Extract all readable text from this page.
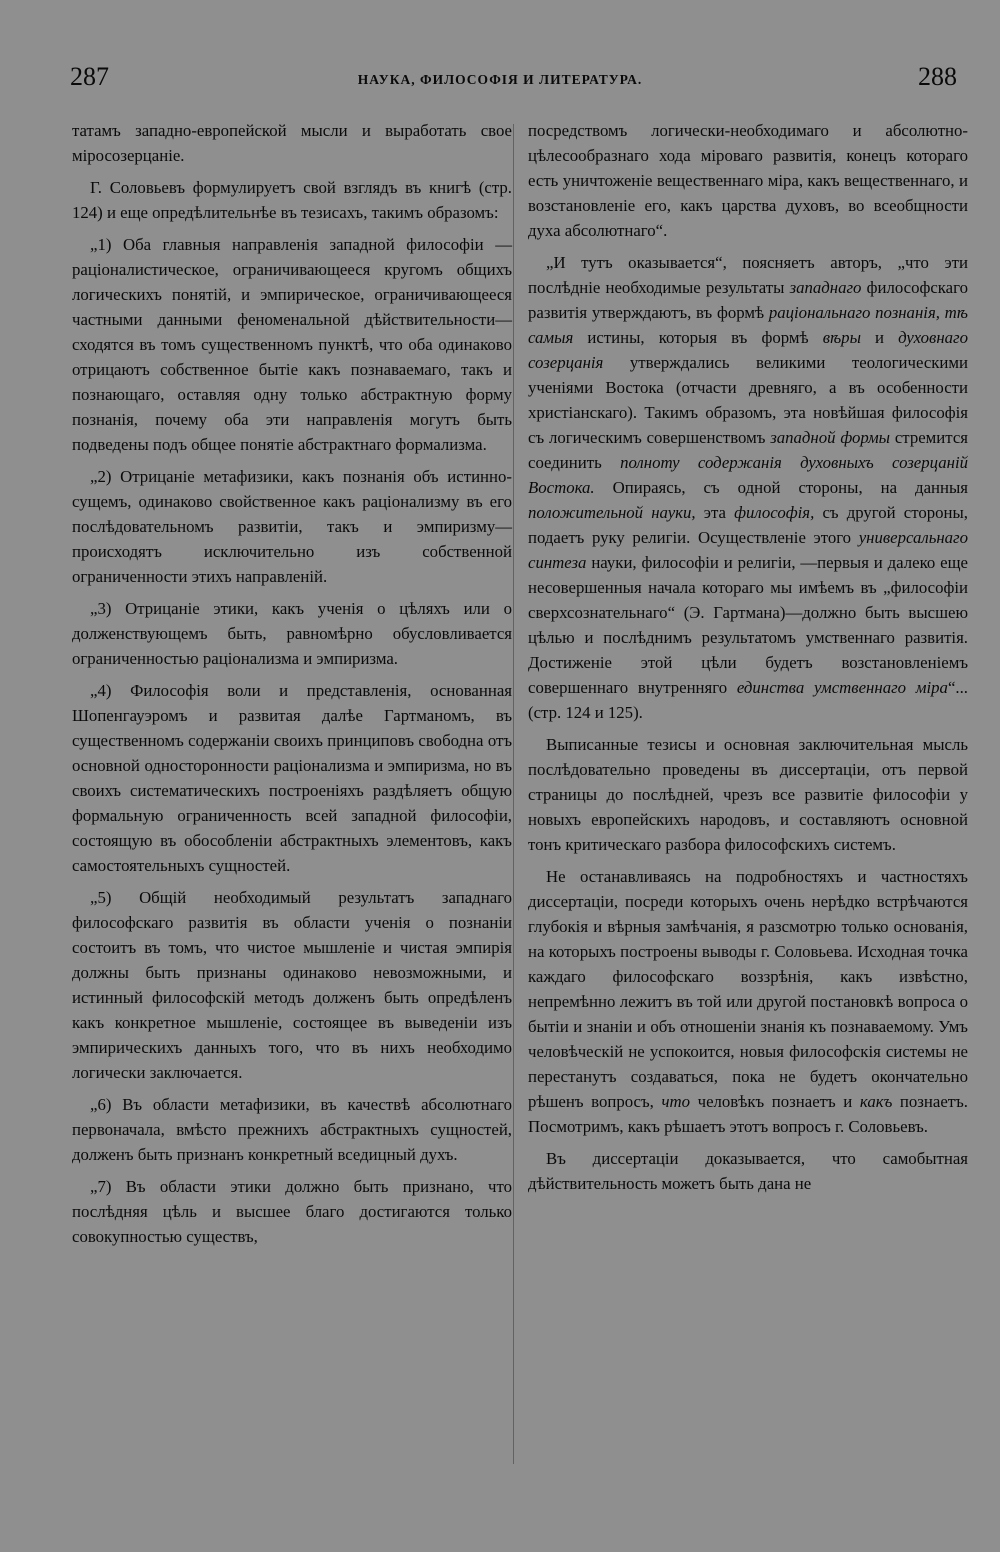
287	НАУКА, ФИЛОСОФІЯ И ЛИТЕРАТУРА.	288

татамъ западно-европейской мысли и выработать свое міросозерцаніе.

Г. Соловьевъ формулируетъ свой взглядъ въ книгѣ (стр. 124) и еще опредѣлительнѣе въ тезисахъ, такимъ образомъ:

„1) Оба главныя направленія западной философіи — раціоналистическое, ограничивающееся кругомъ общихъ логическихъ понятій, и эмпирическое, ограничивающееся частными данными феноменальной дѣйствительности— сходятся въ томъ существенномъ пунктѣ, что оба одинаково отрицаютъ собственное бытіе какъ познаваемаго, такъ и познающаго, оставляя одну только абстрактную форму познанія, почему оба эти направленія могутъ быть подведены подъ общее понятіе абстрактнаго формализма.

„2) Отрицаніе метафизики, какъ познанія объ истинно-сущемъ, одинаково свойственное какъ раціонализму въ его послѣдовательномъ развитіи, такъ и эмпиризму—происходятъ исключительно изъ собственной ограниченности этихъ направленій.

„3) Отрицаніе этики, какъ ученія о цѣляхъ или о долженствующемъ быть, равномѣрно обусловливается ограниченностью раціонализма и эмпиризма.

„4) Философія воли и представленія, основанная Шопенгауэромъ и развитая далѣе Гартманомъ, въ существенномъ содержаніи своихъ принциповъ свободна отъ основной односторонности раціонализма и эмпиризма, но въ своихъ систематическихъ построеніяхъ раздѣляетъ общую формальную ограниченность всей западной философіи, состоящую въ обособленіи абстрактныхъ элементовъ, какъ самостоятельныхъ сущностей.

„5) Общій необходимый результатъ западнаго философскаго развитія въ области ученія о познаніи состоитъ въ томъ, что чистое мышленіе и чистая эмпирія должны быть признаны одинаково невозможными, и истинный философскій методъ долженъ быть опредѣленъ какъ конкретное мышленіе, состоящее въ выведеніи изъ эмпирическихъ данныхъ того, что въ нихъ необходимо логически заключается.

„6) Въ области метафизики, въ качествѣ абсолютнаго первоначала, вмѣсто прежнихъ абстрактныхъ сущностей, долженъ быть признанъ конкретный вседицный духъ.

„7) Въ области этики должно быть признано, что послѣдняя цѣль и высшее благо достигаются только совокупностью существъ,

посредствомъ логически-необходимаго и абсолютно-цѣлесообразнаго хода міроваго развитія, конецъ котораго есть уничтоженіе вещественнаго міра, какъ вещественнаго, и возстановленіе его, какъ царства духовъ, во всеобщности духа абсолютнаго“.

„И тутъ оказывается“, поясняетъ авторъ, „что эти послѣдніе необходимые результаты западнаго философскаго развитія утверждаютъ, въ формѣ раціональнаго познанія, тѣ самыя истины, которыя въ формѣ вѣры и духовнаго созерцанія утверждались великими теологическими ученіями Востока (отчасти древняго, а въ особенности христіанскаго). Такимъ образомъ, эта новѣйшая философія съ логическимъ совершенствомъ западной формы стремится соединить полноту содержанія духовныхъ созерцаній Востока. Опираясь, съ одной стороны, на данныя положительной науки, эта философія, съ другой стороны, подаетъ руку религіи. Осуществленіе этого универсальнаго синтеза науки, философіи и религіи, —первыя и далеко еще несовершенныя начала котораго мы имѣемъ въ „философіи сверхсознательнаго“ (Э. Гартмана)—должно быть высшею цѣлью и послѣднимъ результатомъ умственнаго развитія. Достиженіе этой цѣли будетъ возстановленіемъ совершеннаго внутренняго единства умственнаго міра“... (стр. 124 и 125).

Выписанные тезисы и основная заключительная мысль послѣдовательно проведены въ диссертаціи, отъ первой страницы до послѣдней, чрезъ все развитіе философіи у новыхъ европейскихъ народовъ, и составляютъ основной тонъ критическаго разбора философскихъ системъ.

Не останавливаясь на подробностяхъ и частностяхъ диссертаціи, посреди которыхъ очень нерѣдко встрѣчаются глубокія и вѣрныя замѣчанія, я разсмотрю только основанія, на которыхъ построены выводы г. Соловьева. Исходная точка каждаго философскаго воззрѣнія, какъ извѣстно, непремѣнно лежитъ въ той или другой постановкѣ вопроса о бытіи и знаніи и объ отношеніи знанія къ познаваемому. Умъ человѣческій не успокоится, новыя философскія системы не перестанутъ создаваться, пока не будетъ окончательно рѣшенъ вопросъ, что человѣкъ познаетъ и какъ познаетъ. Посмотримъ, какъ рѣшаетъ этотъ вопросъ г. Соловьевъ.

Въ диссертаціи доказывается, что самобытная дѣйствительность можетъ быть дана не
